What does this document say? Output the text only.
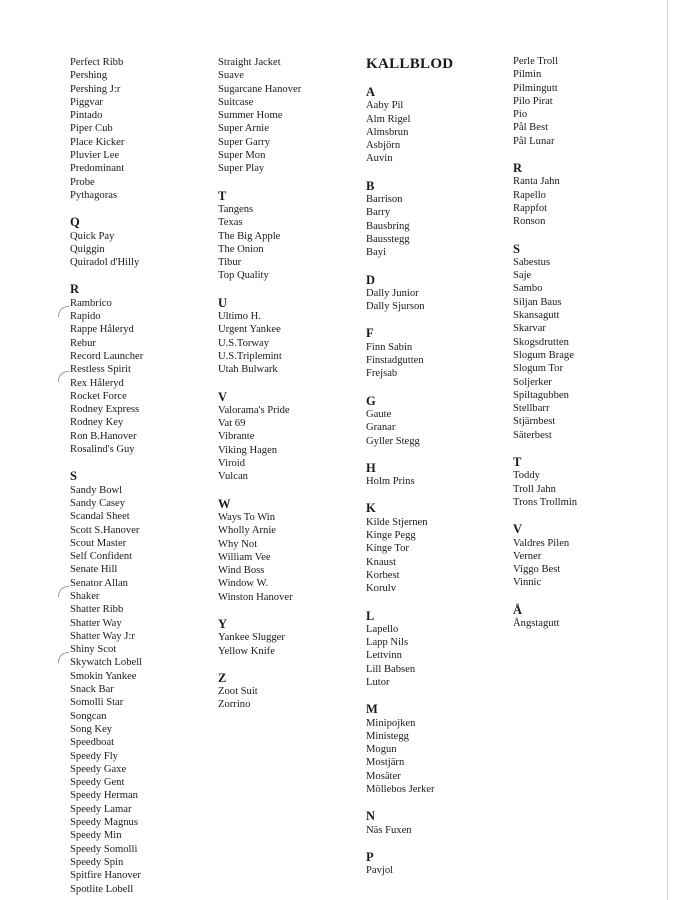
Perfect Ribb
Pershing
Pershing J:r
Piggvar
Pintado
Piper Cub
Place Kicker
Pluvier Lee
Predominant
Probe
Pythagoras
Q
Quick Pay
Quiggin
Quiradol d'Hilly
R
Rambrico
Rapido
Rappe Håleryd
Rebur
Record Launcher
Restless Spirit
Rex Håleryd
Rocket Force
Rodney Express
Rodney Key
Ron B.Hanover
Rosalind's Guy
S
Sandy Bowl
Sandy Casey
Scandal Sheet
Scott S.Hanover
Scout Master
Self Confident
Senate Hill
Senator Allan
Shaker
Shatter Ribb
Shatter Way
Shatter Way J:r
Shiny Scot
Skywatch Lobell
Smokin Yankee
Snack Bar
Somolli Star
Songcan
Song Key
Speedboat
Speedy Fly
Speedy Gaxe
Speedy Gent
Speedy Herman
Speedy Lamar
Speedy Magnus
Speedy Min
Speedy Somolli
Speedy Spin
Spitfire Hanover
Spotlite Lobell
Straight Jacket
Suave
Sugarcane Hanover
Suitcase
Summer Home
Super Arnie
Super Garry
Super Mon
Super Play
T
Tangens
Texas
The Big Apple
The Onion
Tibur
Top Quality
U
Ultimo H.
Urgent Yankee
U.S.Torway
U.S.Triplemint
Utah Bulwark
V
Valorama's Pride
Vat 69
Vibrante
Viking Hagen
Viroid
Vulcan
W
Ways To Win
Wholly Arnie
Why Not
William Vee
Wind Boss
Window W.
Winston Hanover
Y
Yankee Slugger
Yellow Knife
Z
Zoot Suit
Zorrino
KALLBLOD
A
Aaby Pil
Alm Rigel
Almsbrun
Asbjörn
Auvin
B
Barrison
Barry
Bausbring
Bausstegg
Bayi
D
Dally Junior
Dally Sjurson
F
Finn Sabin
Finstadgutten
Frejsab
G
Gaute
Granar
Gyller Stegg
H
Holm Prins
K
Kilde Stjernen
Kinge Pegg
Kinge Tor
Knaust
Korbest
Korulv
L
Lapello
Lapp Nils
Lettvinn
Lill Babsen
Lutor
M
Minipojken
Ministegg
Mogun
Mostjärn
Mosäter
Möllebos Jerker
N
Näs Fuxen
P
Pavjol
Perle Troll
Pilmin
Pilmingutt
Pilo Pirat
Pio
Pål Best
Pål Lunar
R
Ranta Jahn
Rapello
Rappfot
Ronson
S
Sabestus
Saje
Sambo
Siljan Baus
Skansagutt
Skarvar
Skogsdrutten
Slogum Brage
Slogum Tor
Soljerker
Spiltagubben
Stellbarr
Stjärnbest
Säterbest
T
Toddy
Troll Jahn
Trons Trollmin
V
Valdres Pilen
Verner
Viggo Best
Vinnic
Å
Ångstagutt
